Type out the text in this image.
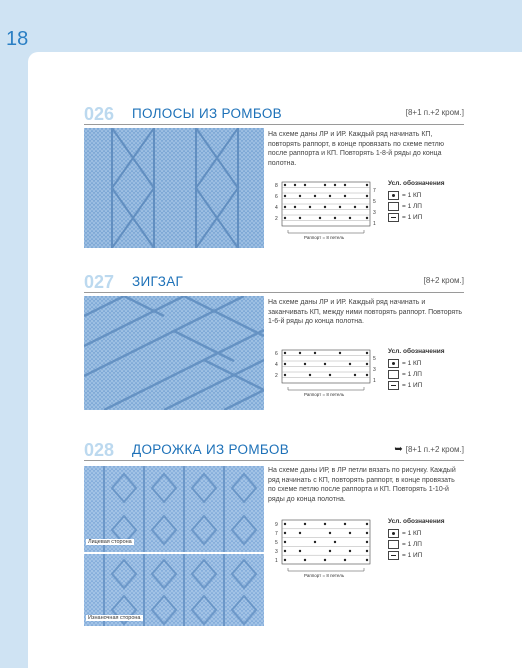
18
026 ПОЛОСЫ ИЗ РОМБОВ	[8+1 п.+2 кром.]
На схеме даны ЛР и ИР. Каждый ряд начинать КП, повторять раппорт, в конце провязать по схеме петлю после раппорта и КП. Повторять 1-8-й ряды до конца полотна.
8
6
4
2
7
5
3
1
Раппорт = 8 петель
Усл. обозначения
= 1 КП
= 1 ЛП
= 1 ИП
027 ЗИГЗАГ	[8+2 кром.]
На схеме даны ЛР и ИР. Каждый ряд начинать и заканчивать КП, между ними повторять раппорт. Повторять 1-6-й ряды до конца полотна.
6
4
2
5
3
1
Раппорт = 8 петель
Усл. обозначения
= 1 КП
= 1 ЛП
= 1 ИП
028 ДОРОЖКА ИЗ РОМБОВ	➥ [8+1 п.+2 кром.]
Лицевая сторона
Изнаночная сторона
На схеме даны ИР, в ЛР петли вязать по рисунку. Каждый ряд начинать с КП, повторять раппорт, в конце провязать по схеме петлю после раппорта и КП. Повторять 1-10-й ряды до конца полотна.
9
7
5
3
1
Раппорт = 8 петель
Усл. обозначения
= 1 КП
= 1 ЛП
= 1 ИП
